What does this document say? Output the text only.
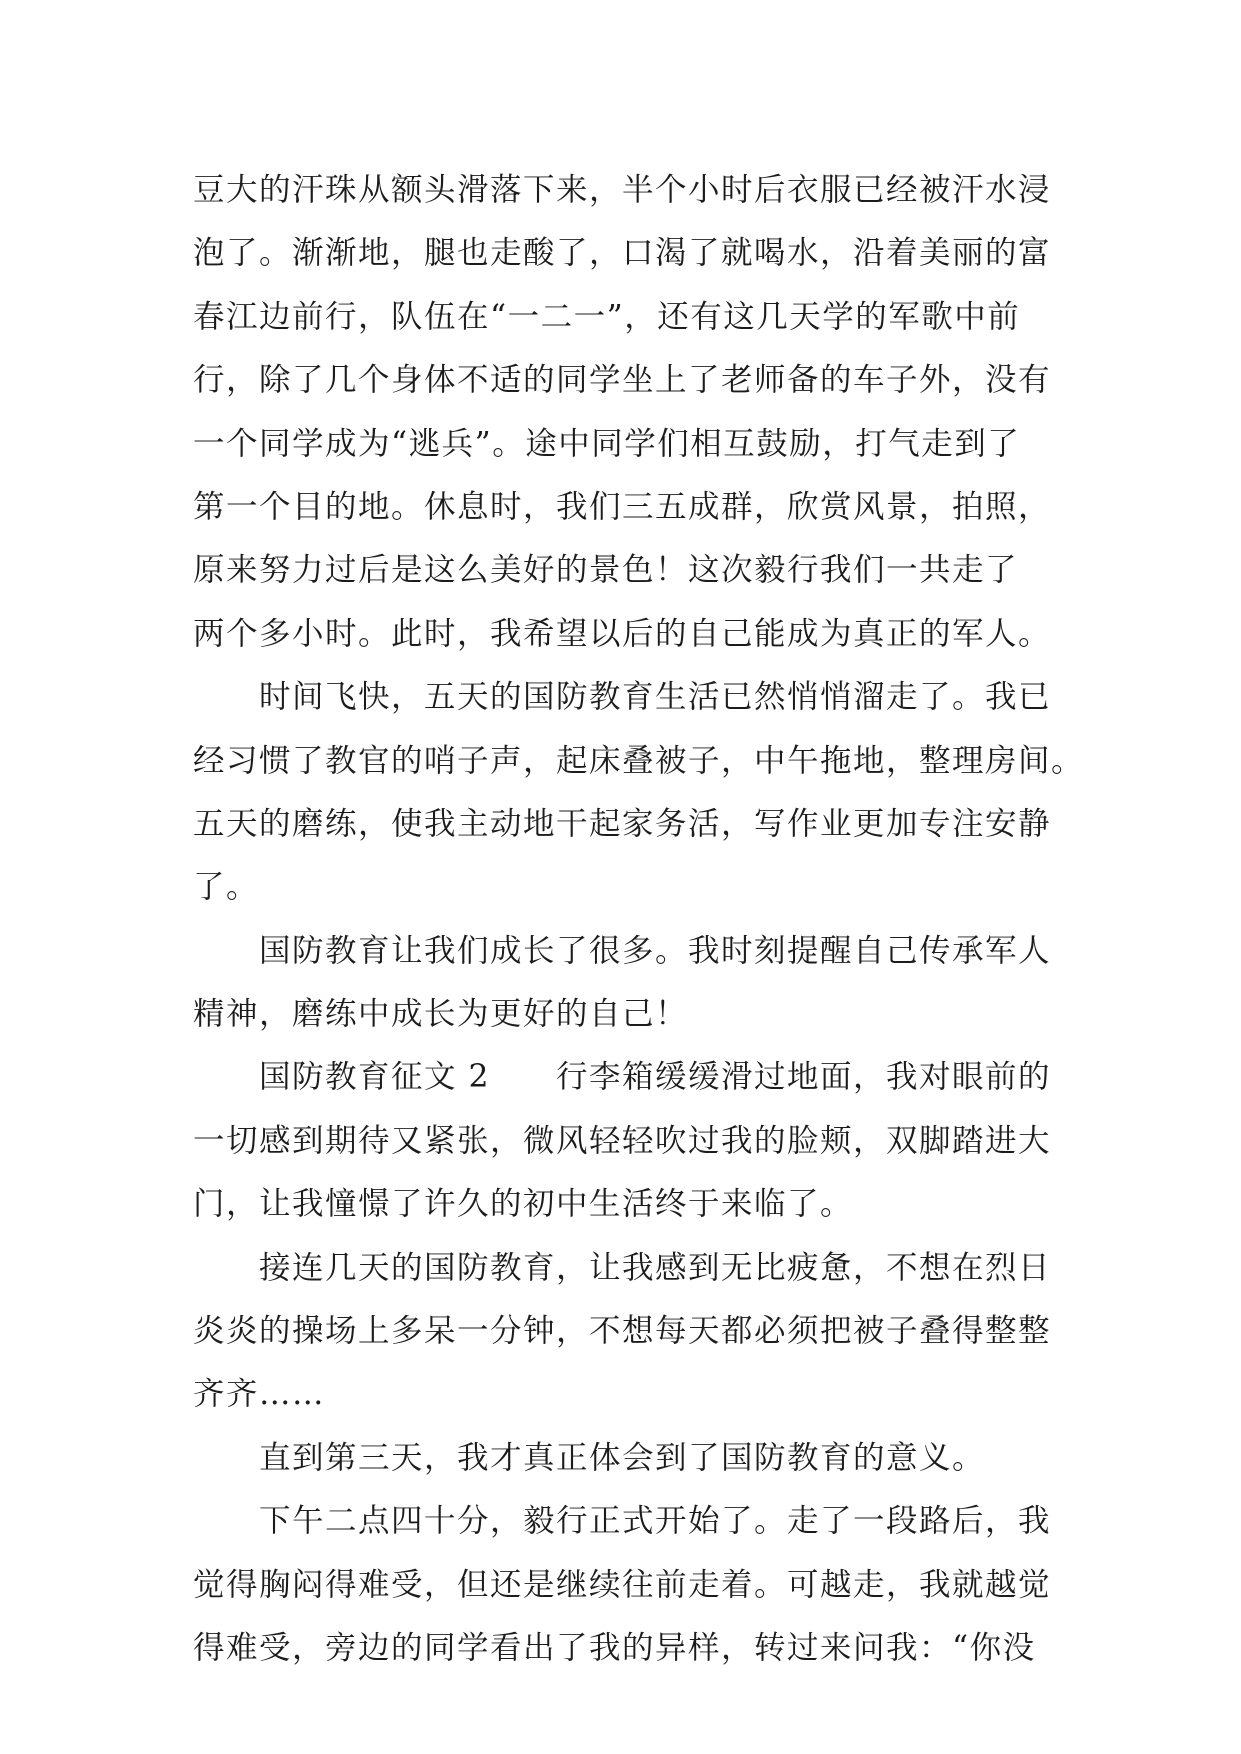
豆大的汗珠从额头滑落下来，半个小时后衣服已经被汗水浸
泡了。渐渐地，腿也走酸了，口渴了就喝水，沿着美丽的富
春江边前行，队伍在“一二一”，还有这几天学的军歌中前
行，除了几个身体不适的同学坐上了老师备的车子外，没有
一个同学成为“逃兵”。途中同学们相互鼓励，打气走到了
第一个目的地。休息时，我们三五成群，欣赏风景，拍照，
原来努力过后是这么美好的景色！这次毅行我们一共走了
两个多小时。此时，我希望以后的自己能成为真正的军人。
　　时间飞快，五天的国防教育生活已然悄悄溜走了。我已
经习惯了教官的哨子声，起床叠被子，中午拖地，整理房间。
五天的磨练，使我主动地干起家务活，写作业更加专注安静
了。
　　国防教育让我们成长了很多。我时刻提醒自己传承军人
精神，磨练中成长为更好的自己！
　　国防教育征文 2　　行李箱缓缓滑过地面，我对眼前的
一切感到期待又紧张，微风轻轻吹过我的脸颊，双脚踏进大
门，让我憧憬了许久的初中生活终于来临了。
　　接连几天的国防教育，让我感到无比疲惫，不想在烈日
炎炎的操场上多呆一分钟，不想每天都必须把被子叠得整整
齐齐……
　　直到第三天，我才真正体会到了国防教育的意义。
　　下午二点四十分，毅行正式开始了。走了一段路后，我
觉得胸闷得难受，但还是继续往前走着。可越走，我就越觉
得难受，旁边的同学看出了我的异样，转过来问我：“你没
